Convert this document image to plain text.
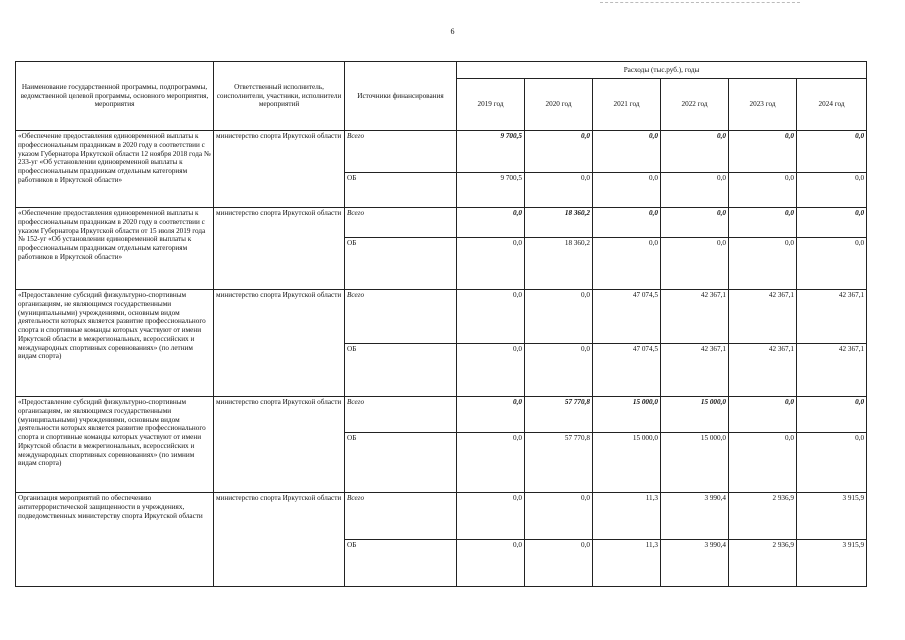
6
Наименование государственной программы, подпрограммы, ведомственной целевой программы, основного мероприятия, мероприятия	Ответственный исполнитель, соисполнители, участники, исполнители мероприятий	Источники финансирования	Расходы (тыс.руб.), годы					
			2019 год	2020 год	2021 год	2022 год	2023 год	2024 год
«Обеспечение предоставления единовременной выплаты к профессиональным праздникам в 2020 году в соответствии с указом Губернатора Иркутской области 12 ноября 2018 года № 233-уг «Об установлении единовременной выплаты к профессиональным праздникам отдельным категориям работников в Иркутской области»	министерство спорта Иркутской области	Всего	9 700,5	0,0	0,0	0,0	0,0	0,0
		ОБ	9 700,5	0,0	0,0	0,0	0,0	0,0
«Обеспечение предоставления единовременной выплаты к профессиональным праздникам в 2020 году в соответствии с указом Губернатора Иркутской области от 15 июля 2019 года № 152-уг «Об установлении единовременной выплаты к профессиональным праздникам отдельным категориям работников в Иркутской области»	министерство спорта Иркутской области	Всего	0,0	18 360,2	0,0	0,0	0,0	0,0
		ОБ	0,0	18 360,2	0,0	0,0	0,0	0,0
«Предоставление субсидий физкультурно-спортивным организациям, не являющимся государственными (муниципальными) учреждениями, основным видом деятельности которых является развитие профессионального спорта и спортивные команды которых участвуют от имени Иркутской области в межрегиональных, всероссийских и международных спортивных соревнованиях» (по летним видам спорта)	министерство спорта Иркутской области	Всего	0,0	0,0	47 074,5	42 367,1	42 367,1	42 367,1
		ОБ	0,0	0,0	47 074,5	42 367,1	42 367,1	42 367,1
«Предоставление субсидий физкультурно-спортивным организациям, не являющимся государственными (муниципальными) учреждениями, основным видом деятельности которых является развитие профессионального спорта и спортивные команды которых участвуют от имени Иркутской области в межрегиональных, всероссийских и международных спортивных соревнованиях» (по зимним видам спорта)	министерство спорта Иркутской области	Всего	0,0	57 770,8	15 000,0	15 000,0	0,0	0,0
		ОБ	0,0	57 770,8	15 000,0	15 000,0	0,0	0,0
Организация мероприятий по обеспечению антитеррористической защищенности в учреждениях, подведомственных министерству спорта Иркутской области	министерство спорта Иркутской области	Всего	0,0	0,0	11,3	3 990,4	2 936,9	3 915,9
		ОБ	0,0	0,0	11,3	3 990,4	2 936,9	3 915,9
